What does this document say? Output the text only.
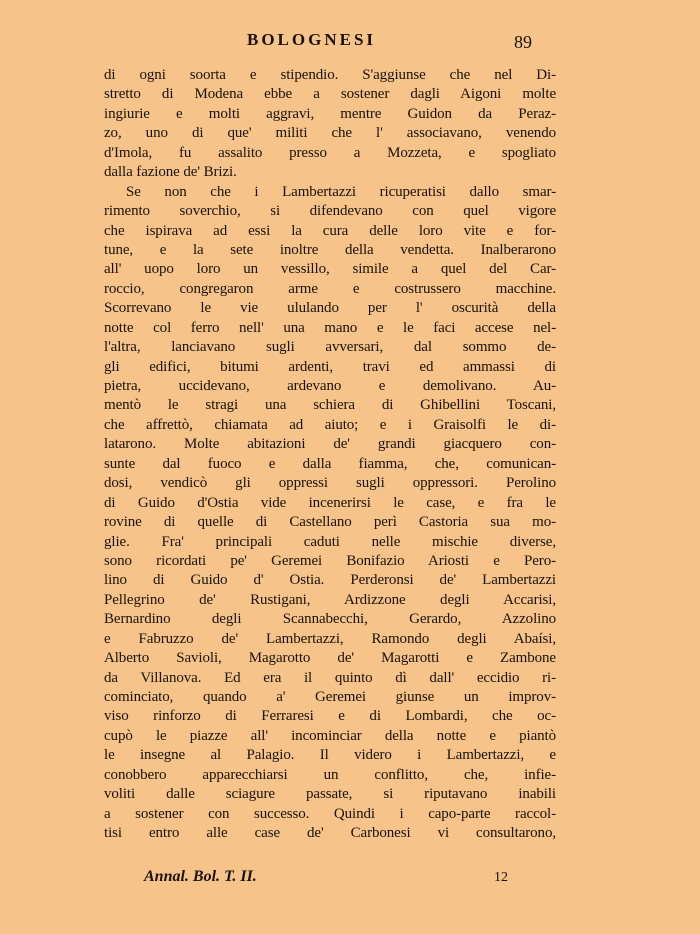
BOLOGNESI	89
di ogni soorta e stipendio. S'aggiunse che nel Di-
stretto di Modena ebbe a sostener dagli Aigoni molte
ingiurie e molti aggravi, mentre Guidon da Peraz-
zo, uno di que' militi che l' associavano, venendo
d'Imola, fu assalito presso a Mozzeta, e spogliato
dalla fazione de' Brizi.
Se non che i Lambertazzi ricuperatisi dallo smar-
rimento soverchio, si difendevano con quel vigore
che ispirava ad essi la cura delle loro vite e for-
tune, e la sete inoltre della vendetta. Inalberarono
all' uopo loro un vessillo, simile a quel del Car-
roccio, congregaron arme e costrussero macchine.
Scorrevano le vie ululando per l' oscurità della
notte col ferro nell' una mano e le faci accese nel-
l'altra, lanciavano sugli avversari, dal sommo de-
gli edifici, bitumi ardenti, travi ed ammassi di
pietra, uccidevano, ardevano e demolivano. Au-
mentò le stragi una schiera di Ghibellini Toscani,
che affrettò, chiamata ad aiuto; e i Graisolfi le di-
latarono. Molte abitazioni de' grandi giacquero con-
sunte dal fuoco e dalla fiamma, che, comunican-
dosi, vendicò gli oppressi sugli oppressori. Perolino
di Guido d'Ostia vide incenerirsi le case, e fra le
rovine di quelle di Castellano perì Castoria sua mo-
glie. Fra' principali caduti nelle mischie diverse,
sono ricordati pe' Geremei Bonifazio Ariosti e Pero-
lino di Guido d' Ostia. Perderonsi de' Lambertazzi
Pellegrino de' Rustigani, Ardizzone degli Accarisi,
Bernardino degli Scannabecchi, Gerardo, Azzolino
e Fabruzzo de' Lambertazzi, Ramondo degli Abaísi,
Alberto Savioli, Magarotto de' Magarotti e Zambone
da Villanova. Ed era il quinto dì dall' eccidio ri-
cominciato, quando a' Geremei giunse un improv-
viso rinforzo di Ferraresi e di Lombardi, che oc-
cupò le piazze all' incominciar della notte e piantò
le insegne al Palagio. Il videro i Lambertazzi, e
conobbero apparecchiarsi un conflitto, che, infie-
voliti dalle sciagure passate, si riputavano inabili
a sostener con successo. Quindi i capo-parte raccol-
tisi entro alle case de' Carbonesi vi consultarono,
Annal. Bol. T. II.	12
